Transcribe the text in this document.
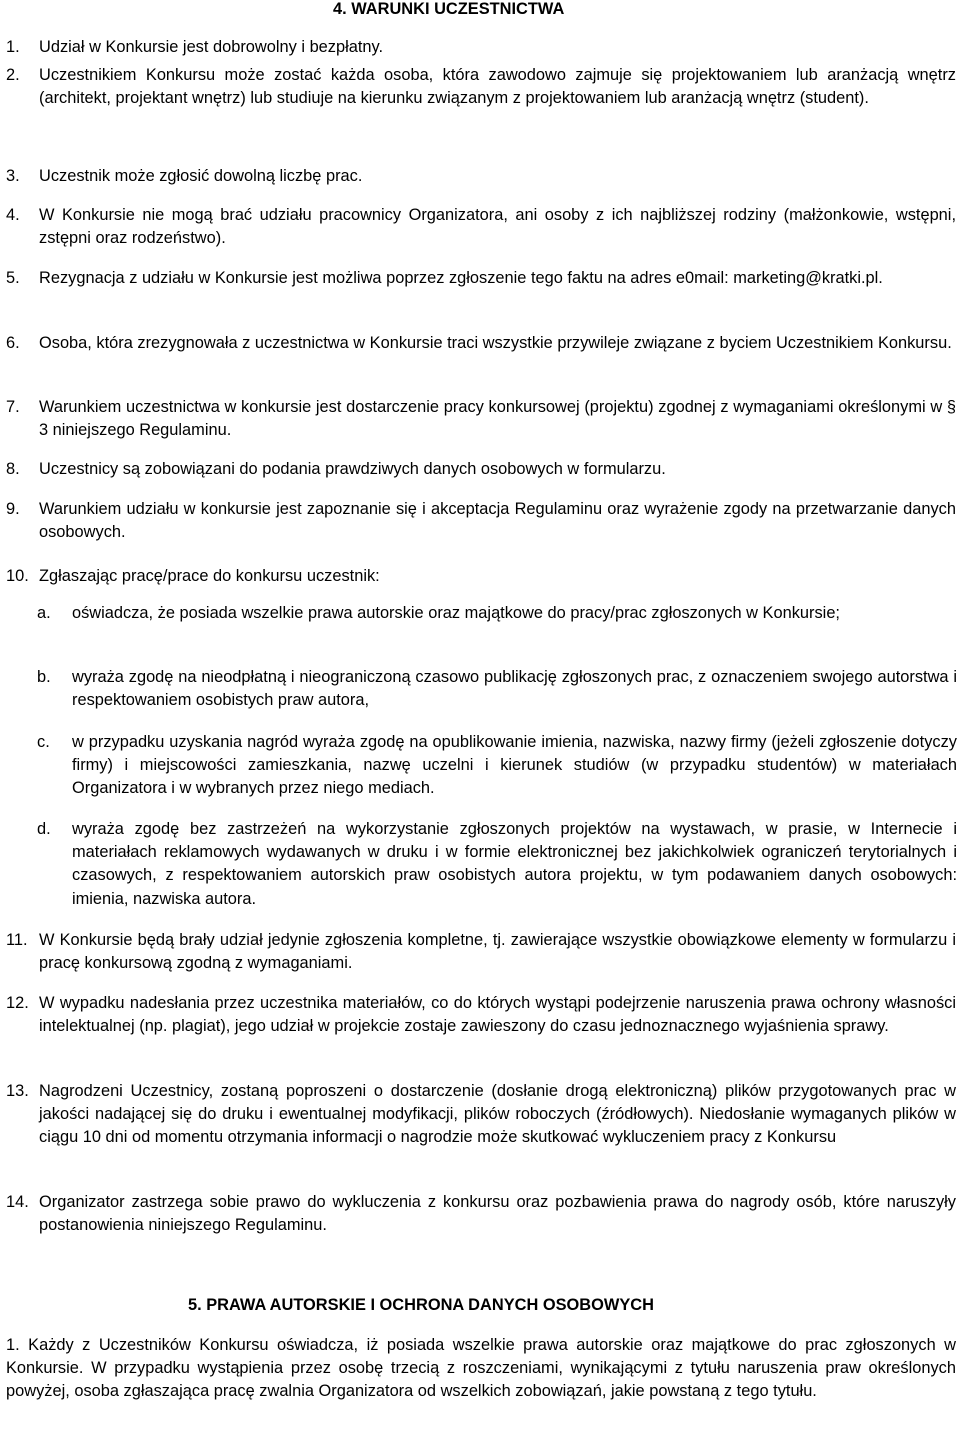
4. WARUNKI UCZESTNICTWA
1. Udział w Konkursie jest dobrowolny i bezpłatny.
2. Uczestnikiem Konkursu może zostać każda osoba, która zawodowo zajmuje się projektowaniem lub aranżacją wnętrz (architekt, projektant wnętrz) lub studiuje na kierunku związanym z projektowaniem lub aranżacją wnętrz (student).
3. Uczestnik może zgłosić dowolną liczbę prac.
4. W Konkursie nie mogą brać udziału pracownicy Organizatora, ani osoby z ich najbliższej rodziny (małżonkowie, wstępni, zstępni oraz rodzeństwo).
5. Rezygnacja z udziału w Konkursie jest możliwa poprzez zgłoszenie tego faktu na adres e0mail: marketing@kratki.pl.
6. Osoba, która zrezygnowała z uczestnictwa w Konkursie traci wszystkie przywileje związane z byciem Uczestnikiem Konkursu.
7. Warunkiem uczestnictwa w konkursie jest dostarczenie pracy konkursowej (projektu) zgodnej z wymaganiami określonymi w § 3 niniejszego Regulaminu.
8. Uczestnicy są zobowiązani do podania prawdziwych danych osobowych w formularzu.
9. Warunkiem udziału w konkursie jest zapoznanie się i akceptacja Regulaminu oraz wyrażenie zgody na przetwarzanie danych osobowych.
10. Zgłaszając pracę/prace do konkursu uczestnik:
a. oświadcza, że posiada wszelkie prawa autorskie oraz majątkowe do pracy/prac zgłoszonych w Konkursie;
b. wyraża zgodę na nieodpłatną i nieograniczoną czasowo publikację zgłoszonych prac, z oznaczeniem swojego autorstwa i respektowaniem osobistych praw autora,
c. w przypadku uzyskania nagród wyraża zgodę na opublikowanie imienia, nazwiska, nazwy firmy (jeżeli zgłoszenie dotyczy firmy) i miejscowości zamieszkania, nazwę uczelni i kierunek studiów (w przypadku studentów) w materiałach Organizatora i w wybranych przez niego mediach.
d. wyraża zgodę bez zastrzeżeń na wykorzystanie zgłoszonych projektów na wystawach, w prasie, w Internecie i materiałach reklamowych wydawanych w druku i w formie elektronicznej bez jakichkolwiek ograniczeń terytorialnych i czasowych, z respektowaniem autorskich praw osobistych autora projektu, w tym podawaniem danych osobowych: imienia, nazwiska autora.
11. W Konkursie będą brały udział jedynie zgłoszenia kompletne, tj. zawierające wszystkie obowiązkowe elementy w formularzu i pracę konkursową zgodną z wymaganiami.
12. W wypadku nadesłania przez uczestnika materiałów, co do których wystąpi podejrzenie naruszenia prawa ochrony własności intelektualnej (np. plagiat), jego udział w projekcie zostaje zawieszony do czasu jednoznacznego wyjaśnienia sprawy.
13. Nagrodzeni Uczestnicy, zostaną poproszeni o dostarczenie (dosłanie drogą elektroniczną) plików przygotowanych prac w jakości nadającej się do druku i ewentualnej modyfikacji, plików roboczych (źródłowych). Niedosłanie wymaganych plików w ciągu 10 dni od momentu otrzymania informacji o nagrodzie może skutkować wykluczeniem pracy z Konkursu
14. Organizator zastrzega sobie prawo do wykluczenia z konkursu oraz pozbawienia prawa do nagrody osób, które naruszyły postanowienia niniejszego Regulaminu.
5. PRAWA AUTORSKIE I OCHRONA DANYCH OSOBOWYCH
1. Każdy z Uczestników Konkursu oświadcza, iż posiada wszelkie prawa autorskie oraz majątkowe do prac zgłoszonych w Konkursie. W przypadku wystąpienia przez osobę trzecią z roszczeniami, wynikającymi z tytułu naruszenia praw określonych powyżej, osoba zgłaszająca pracę zwalnia Organizatora od wszelkich zobowiązań, jakie powstaną z tego tytułu.
